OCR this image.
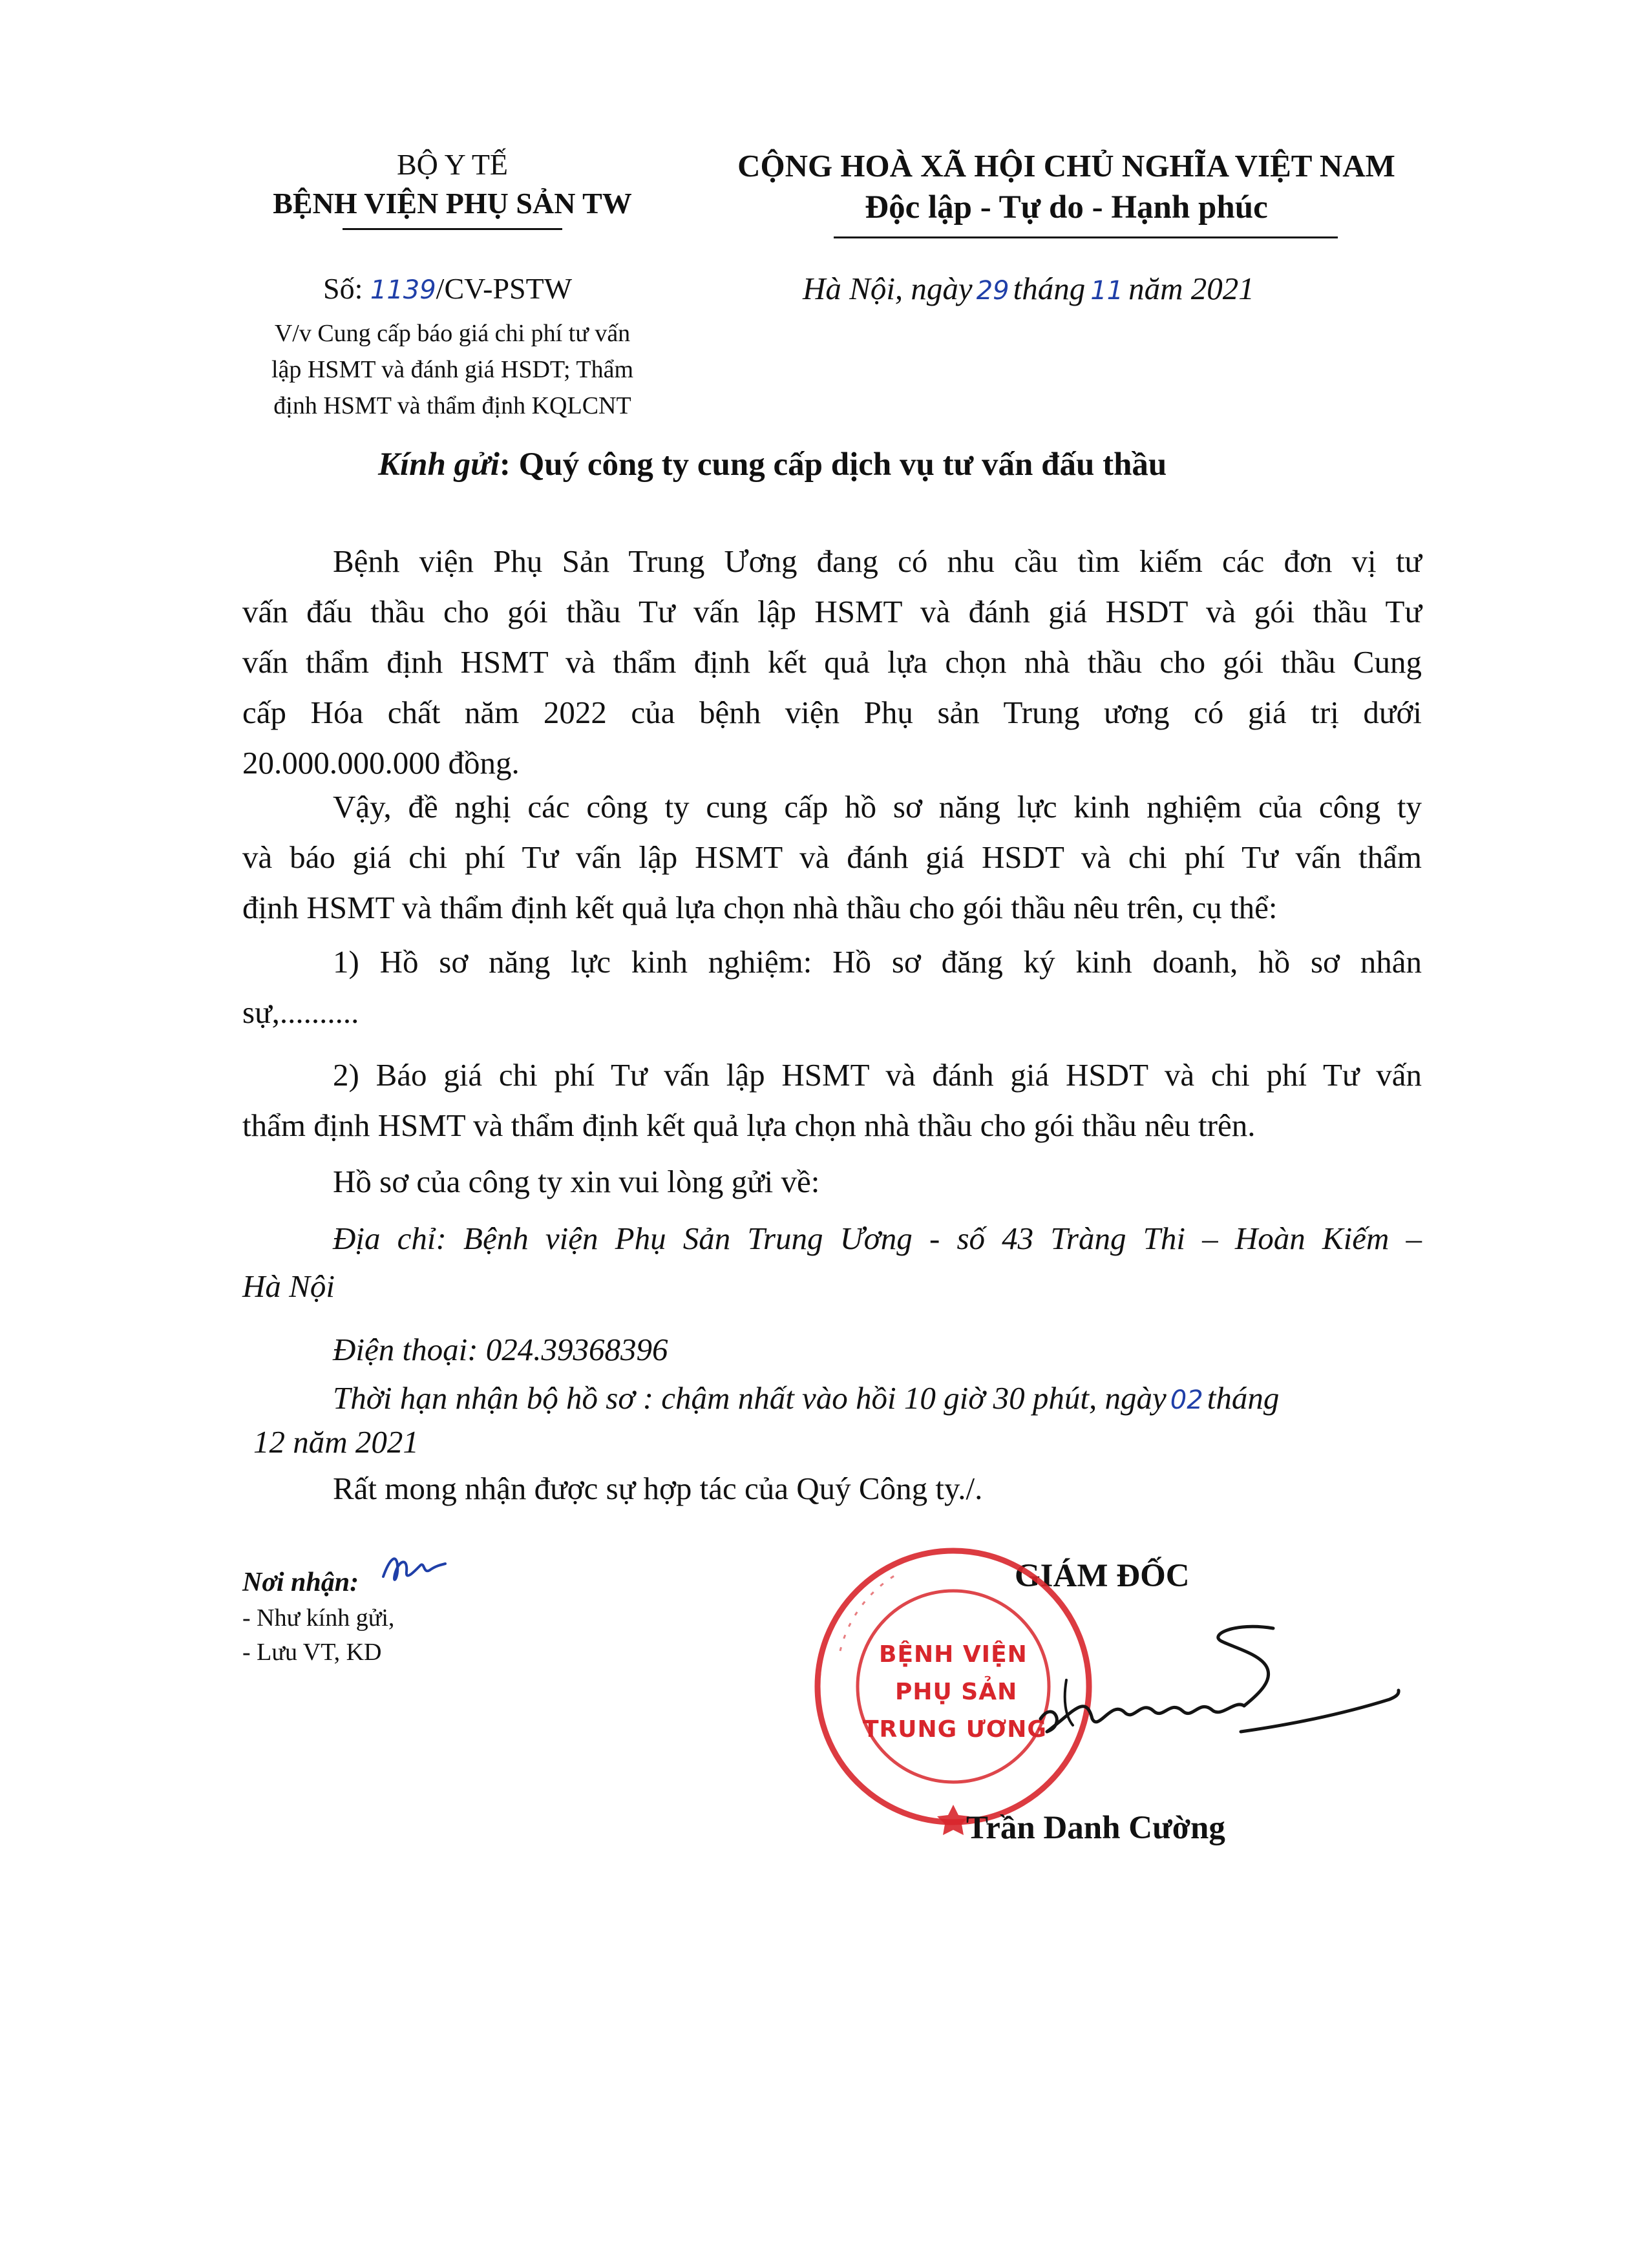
BỘ Y TẾ
BỆNH VIỆN PHỤ SẢN TW
CỘNG HOÀ XÃ HỘI CHỦ NGHĨA VIỆT NAM
Độc lập - Tự do - Hạnh phúc
Số: 1139/CV-PSTW
V/v Cung cấp báo giá chi phí tư vấn
lập HSMT và đánh giá HSDT; Thẩm
định HSMT và thẩm định KQLCNT
Hà Nội, ngày 29 tháng 11 năm 2021
Kính gửi: Quý công ty cung cấp dịch vụ tư vấn đấu thầu
Bệnh viện Phụ Sản Trung Ương đang có nhu cầu tìm kiếm các đơn vị tư
vấn đấu thầu cho gói thầu Tư vấn lập HSMT và đánh giá HSDT và gói thầu Tư
vấn thẩm định HSMT và thẩm định kết quả lựa chọn nhà thầu cho gói thầu Cung
cấp Hóa chất năm 2022 của bệnh viện Phụ sản Trung ương có giá trị dưới
20.000.000.000 đồng.
Vậy, đề nghị các công ty cung cấp hồ sơ năng lực kinh nghiệm của công ty
và báo giá chi phí Tư vấn lập HSMT và đánh giá HSDT và chi phí Tư vấn thẩm
định HSMT và thẩm định kết quả lựa chọn nhà thầu cho gói thầu nêu trên, cụ thể:
1) Hồ sơ năng lực kinh nghiệm: Hồ sơ đăng ký kinh doanh, hồ sơ nhân
sự,..........
2) Báo giá chi phí Tư vấn lập HSMT và đánh giá HSDT và chi phí Tư vấn
thẩm định HSMT và thẩm định kết quả lựa chọn nhà thầu cho gói thầu nêu trên.
Hồ sơ của công ty xin vui lòng gửi về:
Địa chỉ: Bệnh viện Phụ Sản Trung Ương - số 43 Tràng Thi – Hoàn Kiếm –
Hà Nội
Điện thoại: 024.39368396
Thời hạn nhận bộ hồ sơ : chậm nhất vào hồi 10 giờ 30 phút, ngày 02 tháng
12 năm 2021
Rất mong nhận được sự hợp tác của Quý Công ty./.
Nơi nhận:
- Như kính gửi,
- Lưu VT, KD
GIÁM ĐỐC
BỆNH VIỆN
PHỤ SẢN
TRUNG ƯƠNG
Trần Danh Cường
